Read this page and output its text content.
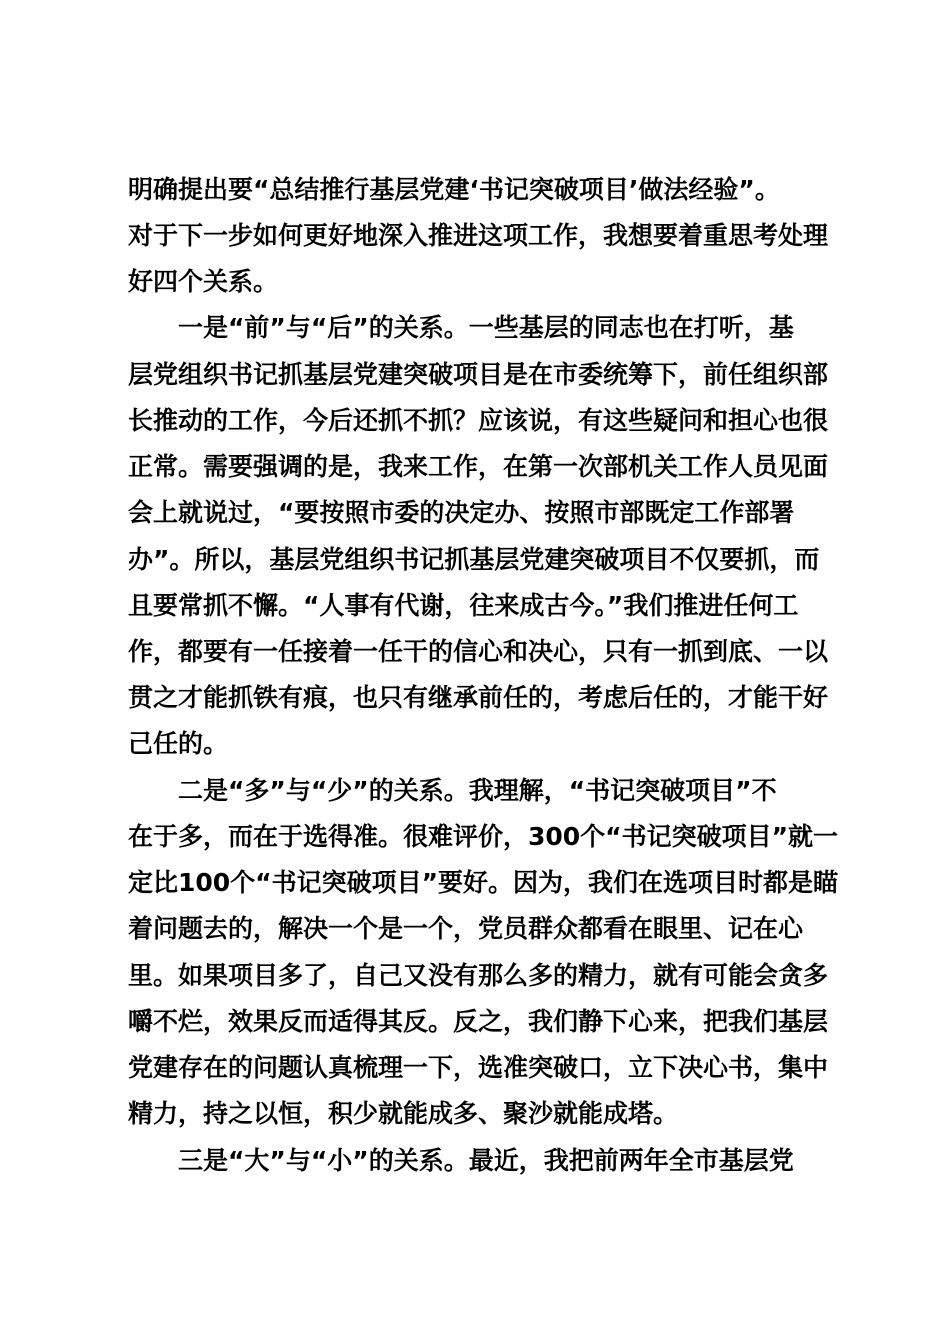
明确提出要“总结推行基层党建‘书记突破项目’做法经验”。
对于下一步如何更好地深入推进这项工作，我想要着重思考处理
好四个关系。
一是“前”与“后”的关系。一些基层的同志也在打听，基
层党组织书记抓基层党建突破项目是在市委统筹下，前任组织部
长推动的工作，今后还抓不抓？应该说，有这些疑问和担心也很
正常。需要强调的是，我来工作，在第一次部机关工作人员见面
会上就说过，“要按照市委的决定办、按照市部既定工作部署
办”。所以，基层党组织书记抓基层党建突破项目不仅要抓，而
且要常抓不懈。“人事有代谢，往来成古今。”我们推进任何工
作，都要有一任接着一任干的信心和决心，只有一抓到底、一以
贯之才能抓铁有痕，也只有继承前任的，考虑后任的，才能干好
己任的。
二是“多”与“少”的关系。我理解，“书记突破项目”不
在于多，而在于选得准。很难评价，300个“书记突破项目”就一
定比100个“书记突破项目”要好。因为，我们在选项目时都是瞄
着问题去的，解决一个是一个，党员群众都看在眼里、记在心
里。如果项目多了，自己又没有那么多的精力，就有可能会贪多
嚼不烂，效果反而适得其反。反之，我们静下心来，把我们基层
党建存在的问题认真梳理一下，选准突破口，立下决心书，集中
精力，持之以恒，积少就能成多、聚沙就能成塔。
三是“大”与“小”的关系。最近，我把前两年全市基层党
